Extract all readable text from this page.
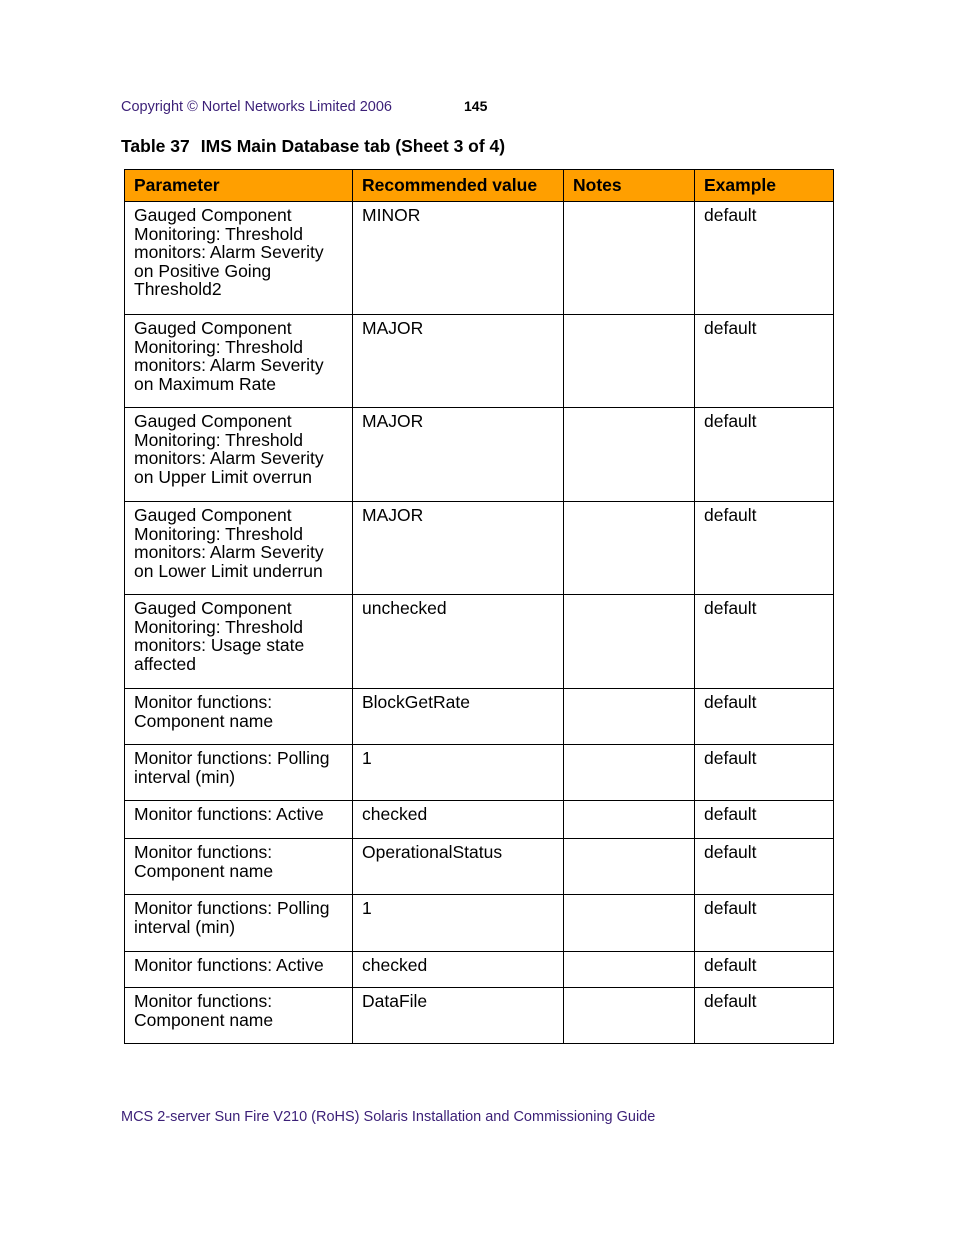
Copyright © Nortel Networks Limited 2006	145
Table 37 IMS Main Database tab (Sheet 3 of 4)
Parameter	Recommended value	Notes	Example
Gauged Component Monitoring: Threshold monitors: Alarm Severity on Positive Going Threshold2	MINOR		default
Gauged Component Monitoring: Threshold monitors: Alarm Severity on Maximum Rate	MAJOR		default
Gauged Component Monitoring: Threshold monitors: Alarm Severity on Upper Limit overrun	MAJOR		default
Gauged Component Monitoring: Threshold monitors: Alarm Severity on Lower Limit underrun	MAJOR		default
Gauged Component Monitoring: Threshold monitors: Usage state affected	unchecked		default
Monitor functions: Component name	BlockGetRate		default
Monitor functions: Polling interval (min)	1		default
Monitor functions: Active	checked		default
Monitor functions: Component name	OperationalStatus		default
Monitor functions: Polling interval (min)	1		default
Monitor functions: Active	checked		default
Monitor functions: Component name	DataFile		default
MCS 2-server Sun Fire V210 (RoHS) Solaris Installation and Commissioning Guide
